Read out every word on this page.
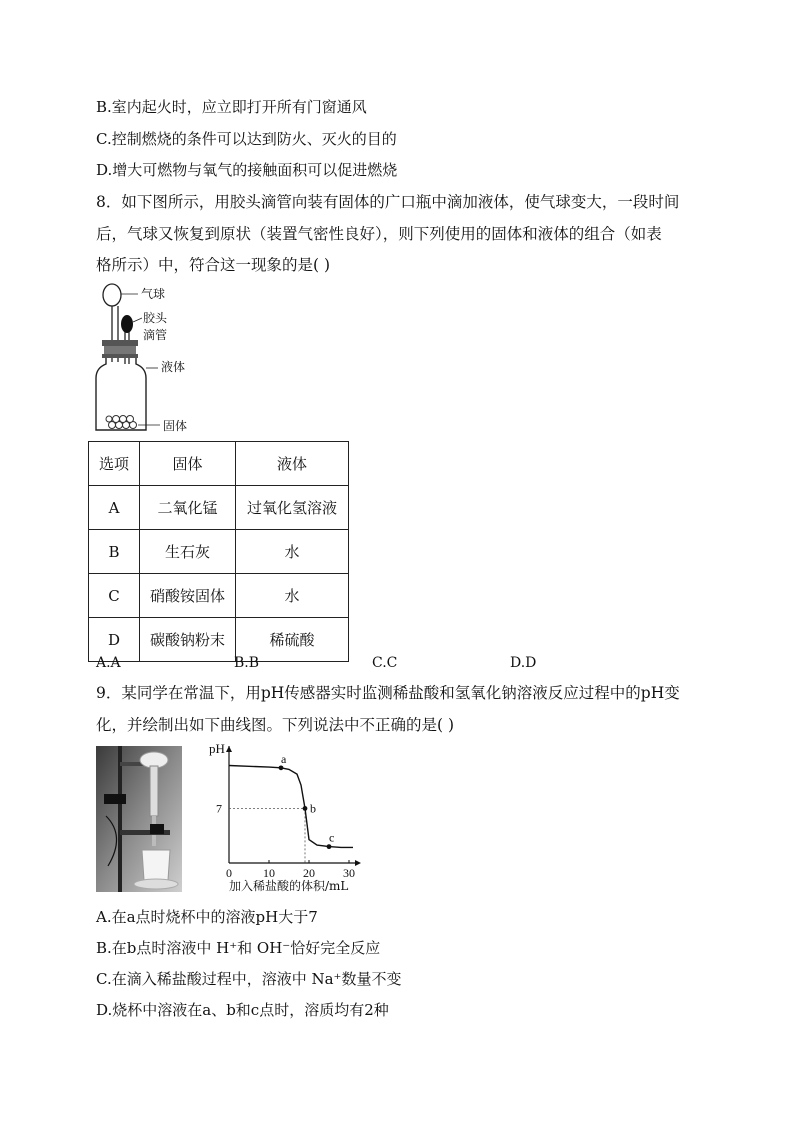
B.室内起火时，应立即打开所有门窗通风
C.控制燃烧的条件可以达到防火、灭火的目的
D.增大可燃物与氧气的接触面积可以促进燃烧
8．如下图所示，用胶头滴管向装有固体的广口瓶中滴加液体，使气球变大，一段时间
后，气球又恢复到原状（装置气密性良好），则下列使用的固体和液体的组合（如表
格所示）中，符合这一现象的是( )
气球
胶头
滴管
液体
固体
选项	固体	液体
A	二氧化锰	过氧化氢溶液
B	生石灰	水
C	硝酸铵固体	水
D	碳酸钠粉末	稀硫酸
A.A	B.B	C.C	D.D
9．某同学在常温下，用pH传感器实时监测稀盐酸和氢氧化钠溶液反应过程中的pH变
化，并绘制出如下曲线图。下列说法中不正确的是( )
0	10 20 30
7
a
b
c
pH
加入稀盐酸的体积/mL
A.在a点时烧杯中的溶液pH大于7
B.在b点时溶液中 H⁺和 OH⁻恰好完全反应
C.在滴入稀盐酸过程中，溶液中 Na⁺数量不变
D.烧杯中溶液在a、b和c点时，溶质均有2种
